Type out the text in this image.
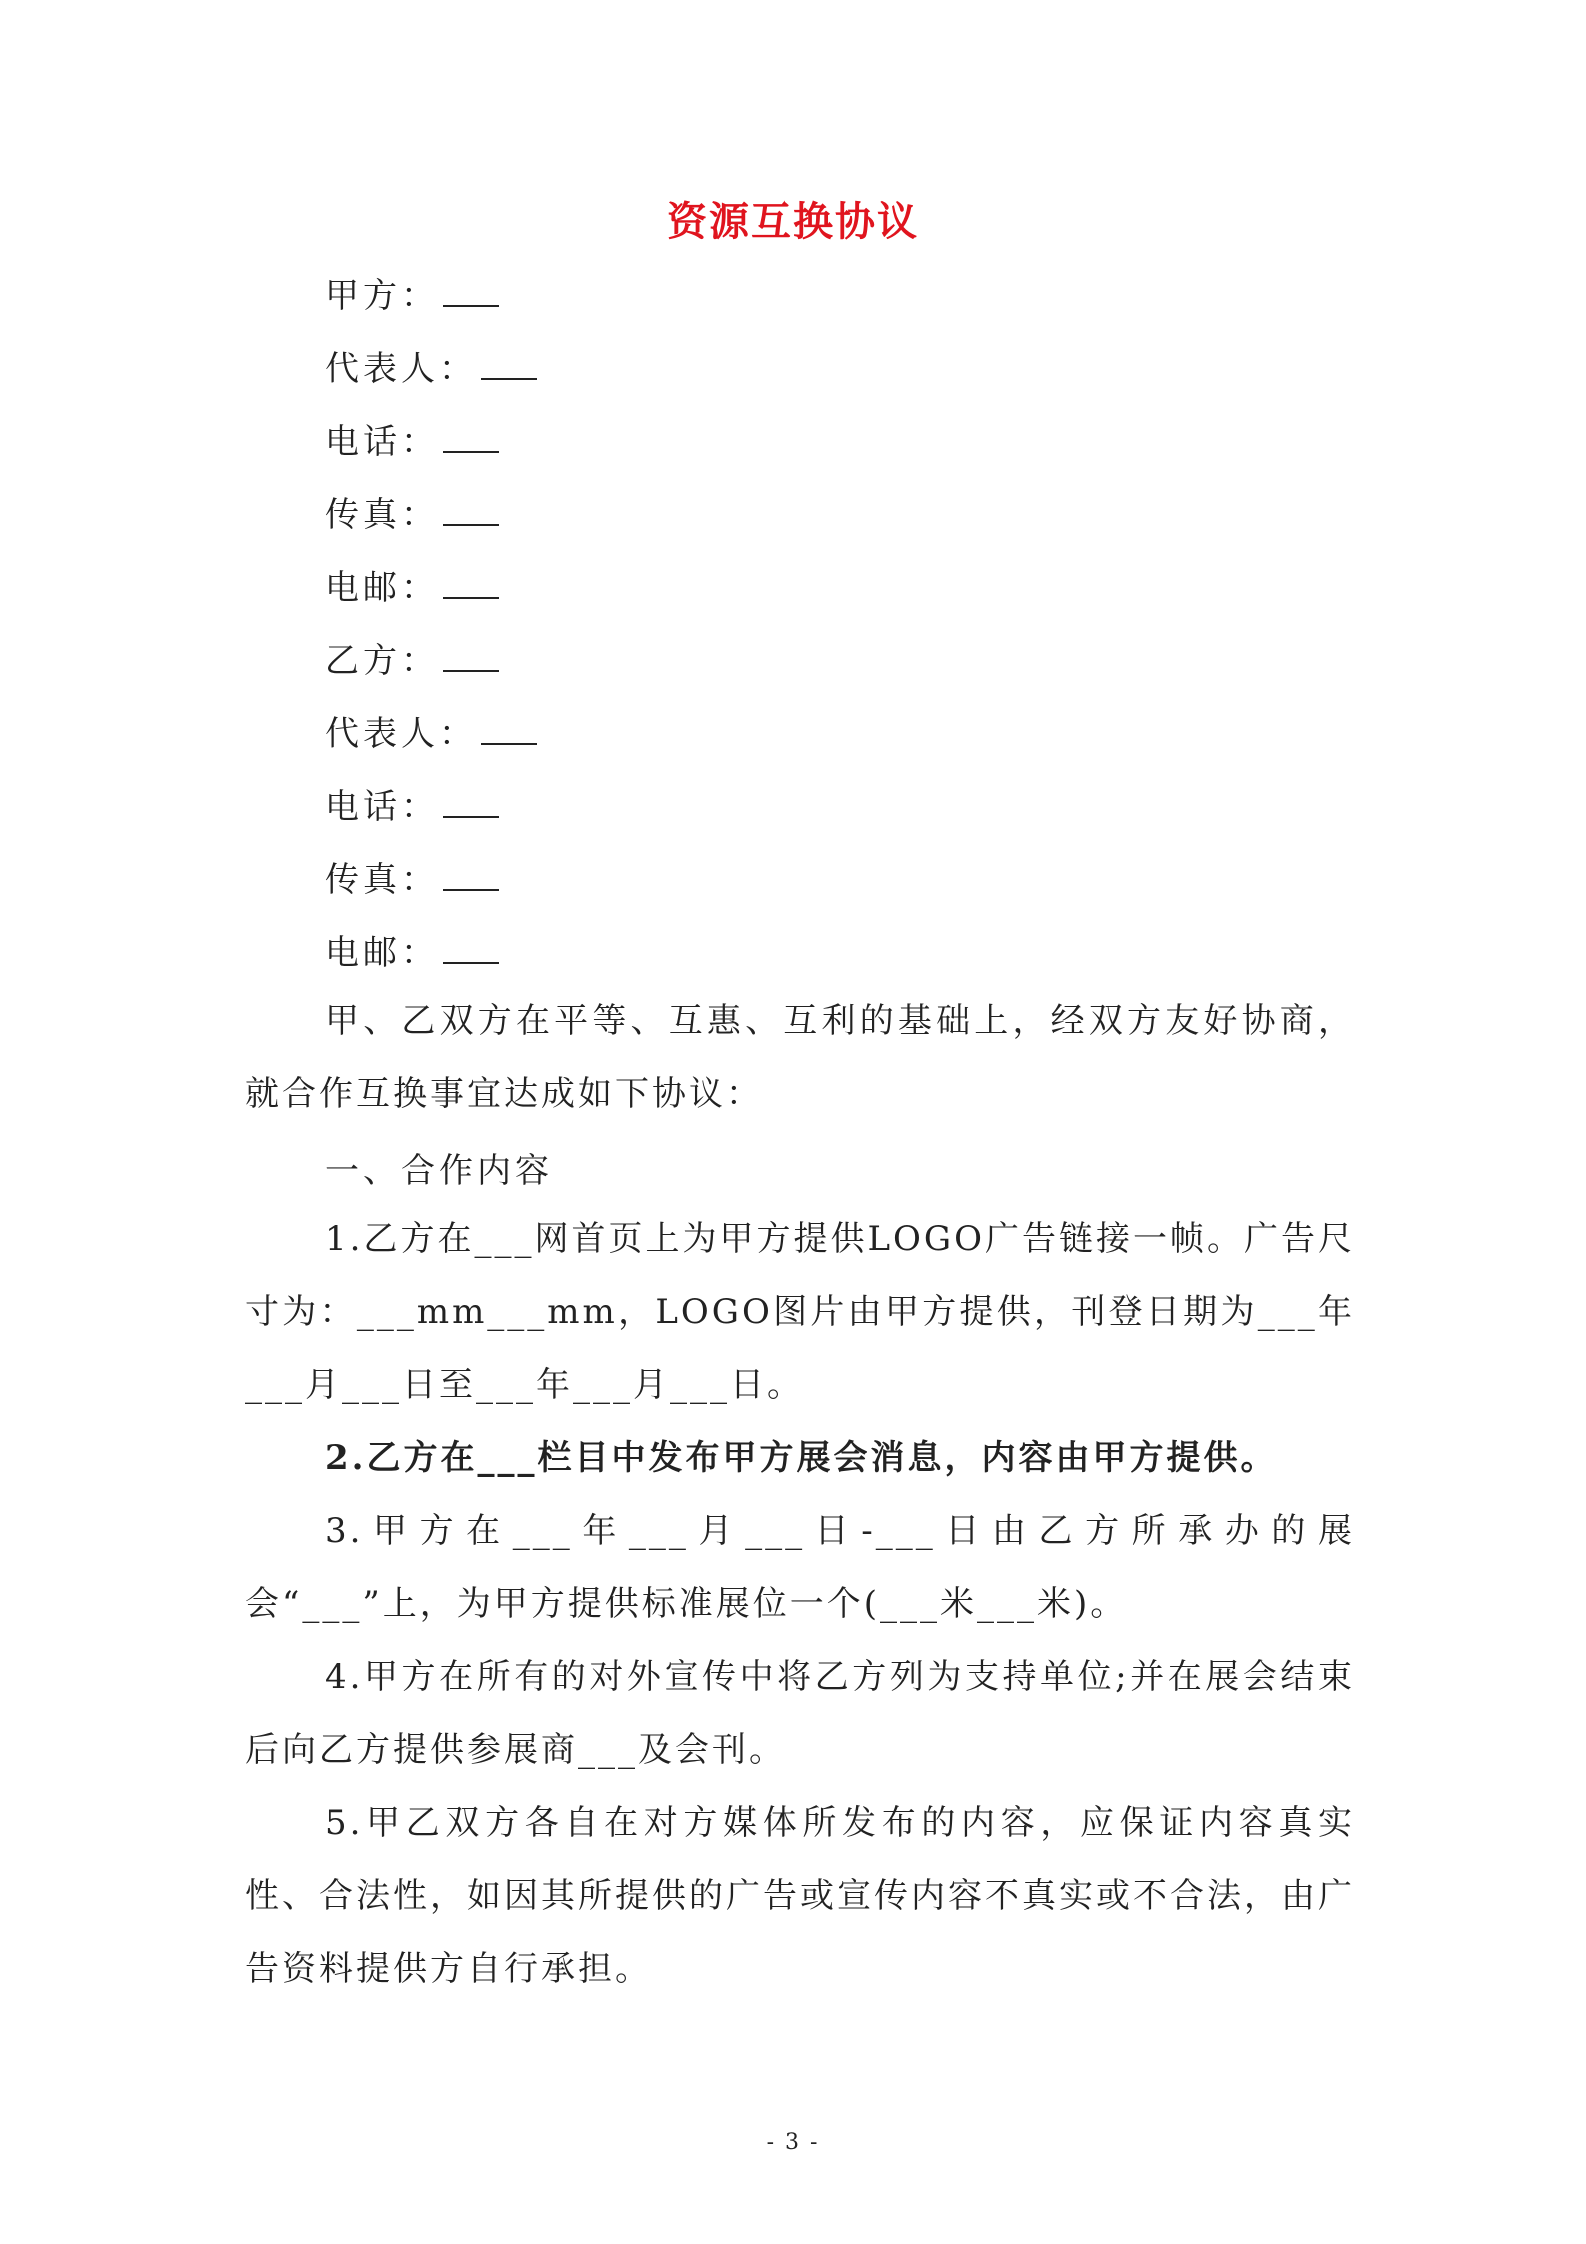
资源互换协议
甲方：
代表人：
电话：
传真：
电邮：
乙方：
代表人：
电话：
传真：
电邮：

甲、乙双方在平等、互惠、互利的基础上，经双方友好协商，就合作互换事宜达成如下协议：

一、合作内容

1.乙方在___网首页上为甲方提供LOGO广告链接一帧。广告尺寸为：___mm___mm，LOGO图片由甲方提供，刊登日期为___年___月___日至___年___月___日。

2.乙方在___栏目中发布甲方展会消息，内容由甲方提供。

3.甲方在___年___月___日-___日由乙方所承办的展会“___”上，为甲方提供标准展位一个(___米___米)。

4.甲方在所有的对外宣传中将乙方列为支持单位;并在展会结束后向乙方提供参展商___及会刊。

5.甲乙双方各自在对方媒体所发布的内容，应保证内容真实性、合法性，如因其所提供的广告或宣传内容不真实或不合法，由广告资料提供方自行承担。

- 3 -
